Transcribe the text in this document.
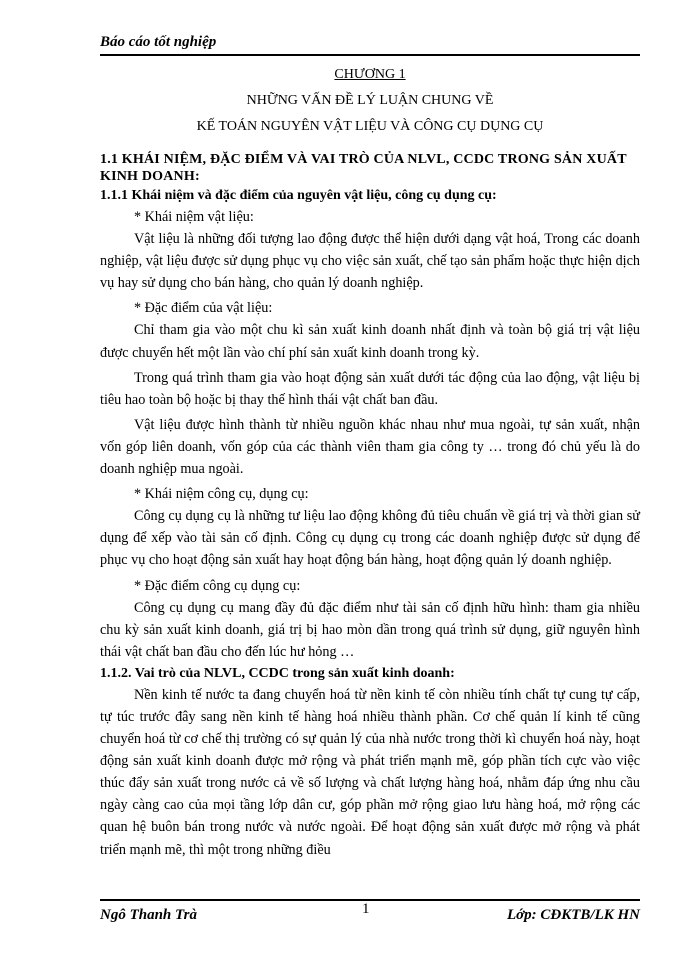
Báo cáo tốt nghiệp
CHƯƠNG 1
NHỮNG VẤN ĐỀ LÝ LUẬN CHUNG VỀ
KẾ TOÁN NGUYÊN VẬT LIỆU VÀ CÔNG CỤ DỤNG CỤ
1.1 KHÁI NIỆM, ĐẶC ĐIỂM VÀ VAI TRÒ CỦA NLVL, CCDC TRONG SẢN XUẤT KINH DOANH:
1.1.1 Khái niệm và đặc điểm của nguyên vật liệu, công cụ dụng cụ:
* Khái niệm vật liệu:

Vật liệu là những đối tượng lao động được thể hiện dưới dạng vật hoá, Trong các doanh nghiệp, vật liệu được sử dụng phục vụ cho việc sản xuất, chế tạo sản phẩm hoặc thực hiện dịch vụ hay sử dụng cho bán hàng, cho quản lý doanh nghiệp.

* Đặc điểm của vật liệu:

Chỉ tham gia vào một chu kì sản xuất kinh doanh nhất định và toàn bộ giá trị vật liệu được chuyển hết một lần vào chí phí sản xuất kinh doanh trong kỳ.

Trong quá trình tham gia vào hoạt động sản xuất dưới tác động của lao động, vật liệu bị tiêu hao toàn bộ hoặc bị thay thế hình thái vật chất ban đầu.

Vật liệu được hình thành từ nhiều nguồn khác nhau như mua ngoài, tự sản xuất, nhận vốn góp liên doanh, vốn góp của các thành viên tham gia công ty … trong đó chủ yếu là do doanh nghiệp mua ngoài.

* Khái niệm công cụ, dụng cụ:

Công cụ dụng cụ là những tư liệu lao động không đủ tiêu chuẩn về giá trị và thời gian sử dụng để xếp vào tài sản cố định. Công cụ dụng cụ trong các doanh nghiệp được sử dụng để phục vụ cho hoạt động sản xuất hay hoạt động bán hàng, hoạt động quản lý doanh nghiệp.

* Đặc điểm công cụ dụng cụ:

Công cụ dụng cụ mang đầy đủ đặc điểm như tài sản cố định hữu hình: tham gia nhiều chu kỳ sản xuất kinh doanh, giá trị bị hao mòn dần trong quá trình sử dụng, giữ nguyên hình thái vật chất ban đầu cho đến lúc hư hỏng …

1.1.2. Vai trò của NLVL, CCDC trong sản xuất kinh doanh:

Nền kinh tế nước ta đang chuyển hoá từ nền kinh tế còn nhiều tính chất tự cung tự cấp, tự túc trước đây sang nền kinh tế hàng hoá nhiều thành phần. Cơ chế quản lí kinh tế cũng chuyển hoá từ cơ chế thị trường có sự quản lý của nhà nước trong thời kì chuyển hoá này, hoạt động sản xuất kinh doanh được mở rộng và phát triển mạnh mẽ, góp phần tích cực vào việc thúc đẩy sản xuất trong nước cả về số lượng và chất lượng hàng hoá, nhằm đáp ứng nhu cầu ngày càng cao của mọi tầng lớp dân cư, góp phần mở rộng giao lưu hàng hoá, mở rộng các quan hệ buôn bán trong nước và nước ngoài. Để hoạt động sản xuất được mở rộng và phát triển mạnh mẽ, thì một trong những điều

Ngô Thanh Trà	1	Lớp: CĐKTB/LK HN
